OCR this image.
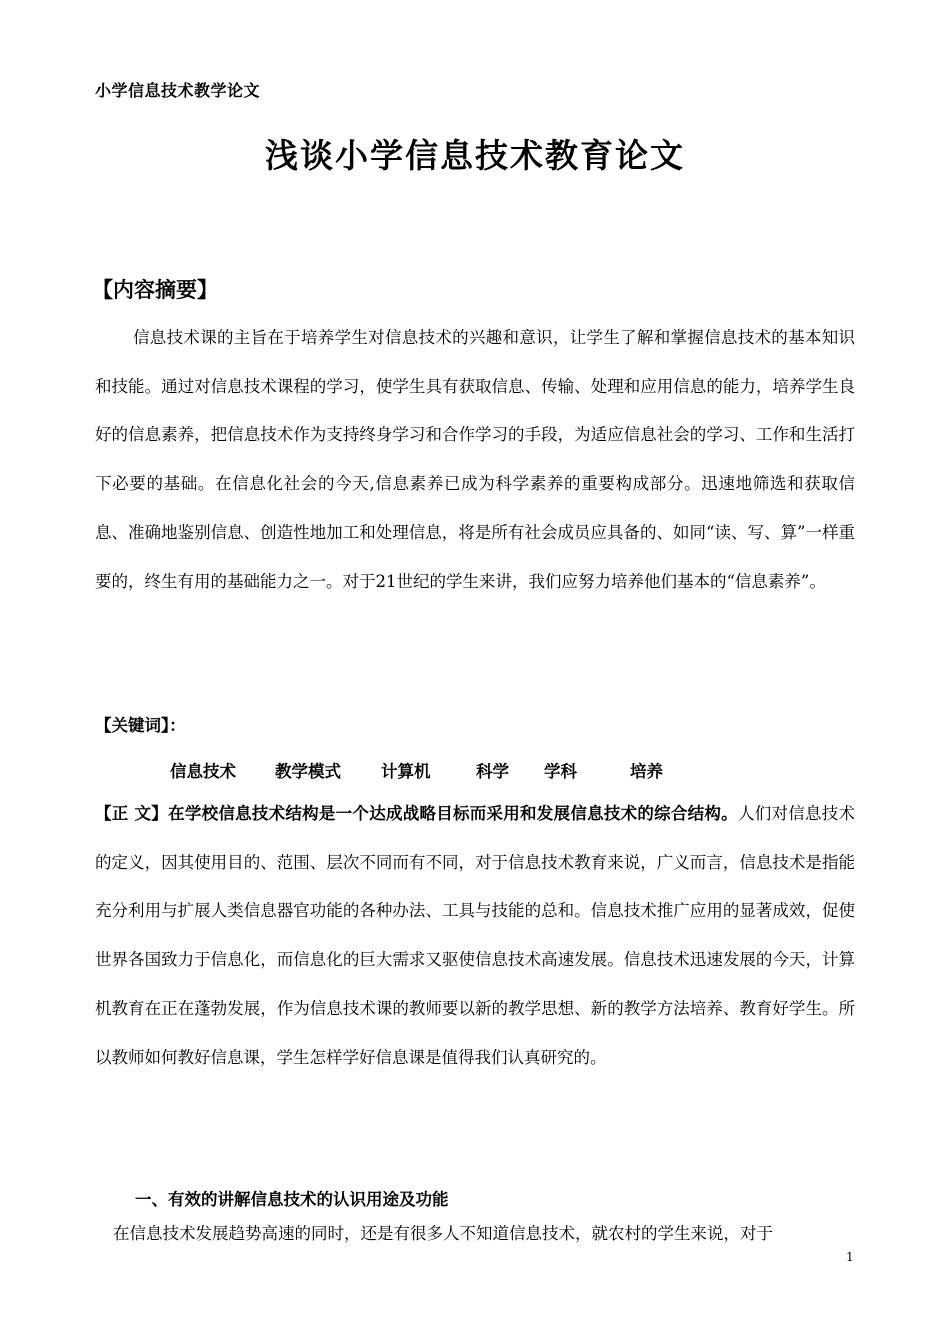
小学信息技术教学论文
浅谈小学信息技术教育论文
【内容摘要】

信息技术课的主旨在于培养学生对信息技术的兴趣和意识，让学生了解和掌握信息技术的基本知识和技能。通过对信息技术课程的学习，使学生具有获取信息、传输、处理和应用信息的能力，培养学生良好的信息素养，把信息技术作为支持终身学习和合作学习的手段，为适应信息社会的学习、工作和生活打下必要的基础。在信息化社会的今天,信息素养已成为科学素养的重要构成部分。迅速地筛选和获取信息、准确地鉴别信息、创造性地加工和处理信息，将是所有社会成员应具备的、如同“读、写、算”一样重要的，终生有用的基础能力之一。对于21世纪的学生来讲，我们应努力培养他们基本的“信息素养”。

【关键词】：
信息技术 教学模式 计算机	科学 学科	培养

【正 文】在学校信息技术结构是一个达成战略目标而采用和发展信息技术的综合结构。人们对信息技术的定义，因其使用目的、范围、层次不同而有不同，对于信息技术教育来说，广义而言，信息技术是指能充分利用与扩展人类信息器官功能的各种办法、工具与技能的总和。信息技术推广应用的显著成效，促使世界各国致力于信息化，而信息化的巨大需求又驱使信息技术高速发展。信息技术迅速发展的今天，计算机教育在正在蓬勃发展，作为信息技术课的教师要以新的教学思想、新的教学方法培养、教育好学生。所以教师如何教好信息课，学生怎样学好信息课是值得我们认真研究的。

一、有效的讲解信息技术的认识用途及功能

在信息技术发展趋势高速的同时，还是有很多人不知道信息技术，就农村的学生来说，对于

1
